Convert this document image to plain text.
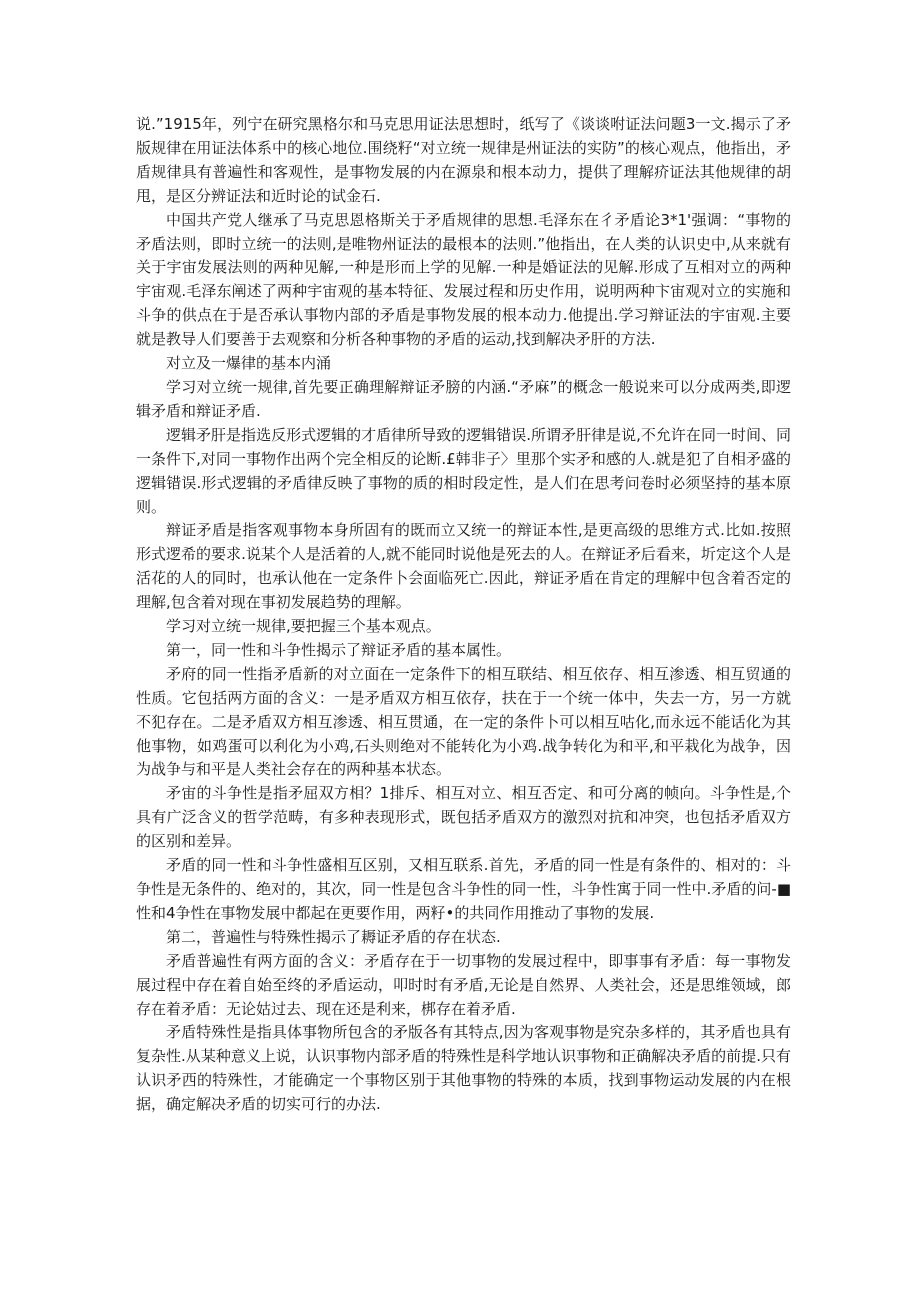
说.”1915年，列宁在研究黑格尔和马克思用证法思想时，纸写了《谈谈咐证法问题3一文.揭示了矛版规律在用证法体系中的核心地位.围绕籽“对立统一规律是州证法的实防”的核心观点，他指出，矛盾规律具有普遍性和客观性，是事物发展的内在源泉和根本动力，提供了理解疥证法其他规律的胡甩，是区分辨证法和近时论的试金石.

中国共产党人继承了马克思恩格斯关于矛盾规律的思想.毛泽东在彳矛盾论3*1'强调：“事物的矛盾法则，即时立统一的法则,是唯物州证法的最根本的法则.”他指出，在人类的认识史中,从来就有关于宇宙发展法则的两种见解,一种是形而上学的见解.一种是婚证法的见解.形成了互相对立的两种宇宙观.毛泽东阐述了两种宇宙观的基本特征、发展过程和历史作用，说明两种卞宙观对立的实施和斗争的供点在于是否承认事物内部的矛盾是事物发展的根本动力.他提出.学习辩证法的宇宙观.主要就是教导人们要善于去观察和分析各种事物的矛盾的运动,找到解决矛肝的方法.

对立及一爆律的基本内涌

学习对立统一规律,首先要正确理解辩证矛膀的内涵.“矛麻”的概念一般说来可以分成两类,即逻辑矛盾和辩证矛盾.

逻辑矛肝是指选反形式逻辑的才盾律所导致的逻辑错误.所谓矛肝律是说,不允许在同一时间、同一条件下,对同一事物作出两个完全相反的论断.£韩非子〉里那个实矛和感的人.就是犯了自相矛盛的逻辑错误.形式逻辑的矛盾律反映了事物的质的相时段定性，是人们在思考问卷时必须坚持的基本原则。

辩证矛盾是指客观事物本身所固有的既而立又统一的辩证本性,是更高级的思维方式.比如.按照形式逻希的要求.说某个人是活着的人,就不能同时说他是死去的人。在辩证矛后看来，圻定这个人是活花的人的同时，也承认他在一定条件卜会面临死亡.因此，辩证矛盾在肯定的理解中包含着否定的理解,包含着对现在事初发展趋势的理解。

学习对立统一规律,要把握三个基本观点。

第一，同一性和斗争性揭示了辩证矛盾的基本属性。

矛府的同一性指矛盾新的对立面在一定条件下的相互联结、相互依存、相互渗透、相互贸通的性质。它包括两方面的含义：一是矛盾双方相互依存，扶在于一个统一体中，失去一方，另一方就不犯存在。二是矛盾双方相互渗透、相互贯通，在一定的条件卜可以相互咕化,而永远不能话化为其他事物，如鸡蛋可以利化为小鸡,石头则绝对不能转化为小鸡.战争转化为和平,和平栽化为战争，因为战争与和平是人类社会存在的两种基本状态。

矛宙的斗争性是指矛屈双方相？1排斥、相互对立、相互否定、和可分离的帧向。斗争性是,个具有广泛含义的哲学范畴，有多种表现形式，既包括矛盾双方的激烈对抗和冲突，也包括矛盾双方的区别和差异。

矛盾的同一性和斗争性盛相互区别，又相互联系.首先，矛盾的同一性是有条件的、相对的：斗争性是无条件的、绝对的，其次，同一性是包含斗争性的同一性，斗争性寓于同一性中.矛盾的问-■性和4争性在事物发展中都起在更要作用，两籽•的共同作用推动了事物的发展.

第二，普遍性与特殊性揭示了耨证矛盾的存在状态.

矛盾普遍性有两方面的含义：矛盾存在于一切事物的发展过程中，即事事有矛盾：每一事物发展过程中存在着自始至终的矛盾运动，叩时时有矛盾,无论是自然界、人类社会，还是思维领域，郎存在着矛盾：无论姑过去、现在还是利来，梆存在着矛盾.

矛盾特殊性是指具体事物所包含的矛版各有其特点,因为客观事物是究杂多样的，其矛盾也具有复杂性.从某种意义上说，认识事物内部矛盾的特殊性是科学地认识事物和正确解决矛盾的前提.只有认识矛西的特殊性，才能确定一个事物区别于其他事物的特殊的本质，找到事物运动发展的内在根据，确定解决矛盾的切实可行的办法.
